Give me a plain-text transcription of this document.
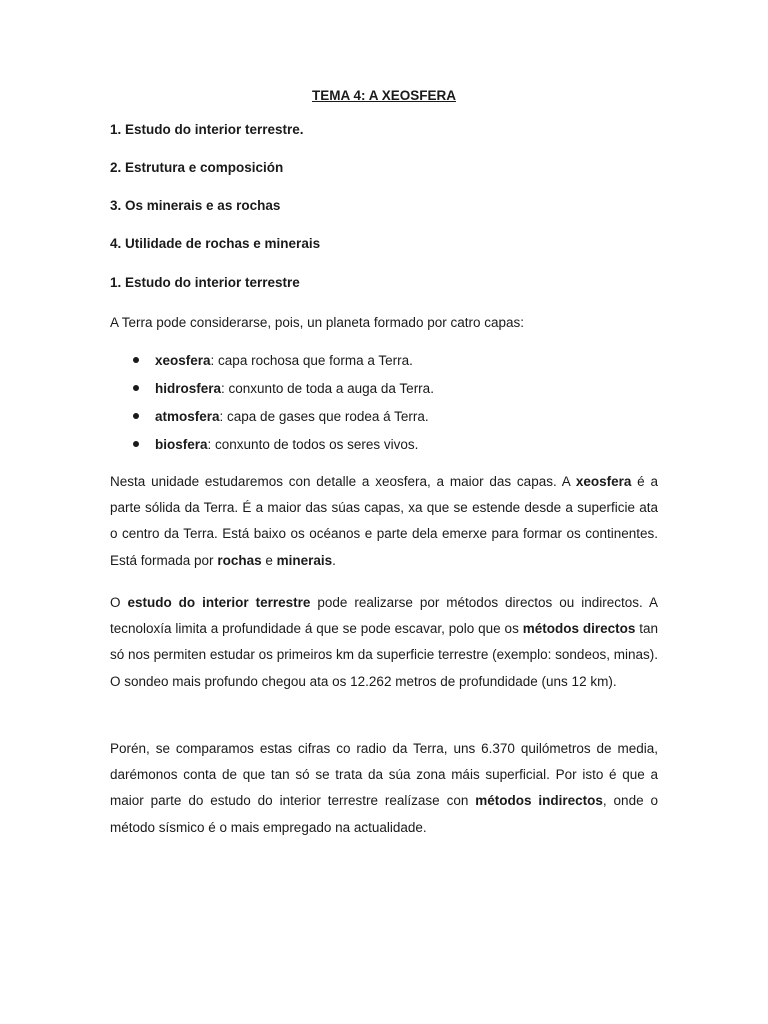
TEMA 4: A XEOSFERA
1. Estudo do interior terrestre.
2. Estrutura e composición
3. Os minerais e as rochas
4. Utilidade de rochas e minerais
1. Estudo do interior terrestre
A Terra pode considerarse, pois, un planeta formado por catro capas:
xeosfera: capa rochosa que forma a Terra.
hidrosfera: conxunto de toda a auga da Terra.
atmosfera: capa de gases que rodea á Terra.
biosfera: conxunto de todos os seres vivos.

Nesta unidade estudaremos con detalle a xeosfera, a maior das capas. A xeosfera é a parte sólida da Terra. É a maior das súas capas, xa que se estende desde a superficie ata o centro da Terra. Está baixo os océanos e parte dela emerxe para formar os continentes. Está formada por rochas e minerais.

O estudo do interior terrestre pode realizarse por métodos directos ou indirectos. A tecnoloxía limita a profundidade á que se pode escavar, polo que os métodos directos tan só nos permiten estudar os primeiros km da superficie terrestre (exemplo: sondeos, minas). O sondeo mais profundo chegou ata os 12.262 metros de profundidade (uns 12 km).

Porén, se comparamos estas cifras co radio da Terra, uns 6.370 quilómetros de media, darémonos conta de que tan só se trata da súa zona máis superficial. Por isto é que a maior parte do estudo do interior terrestre realízase con métodos indirectos, onde o método sísmico é o mais empregado na actualidade.
